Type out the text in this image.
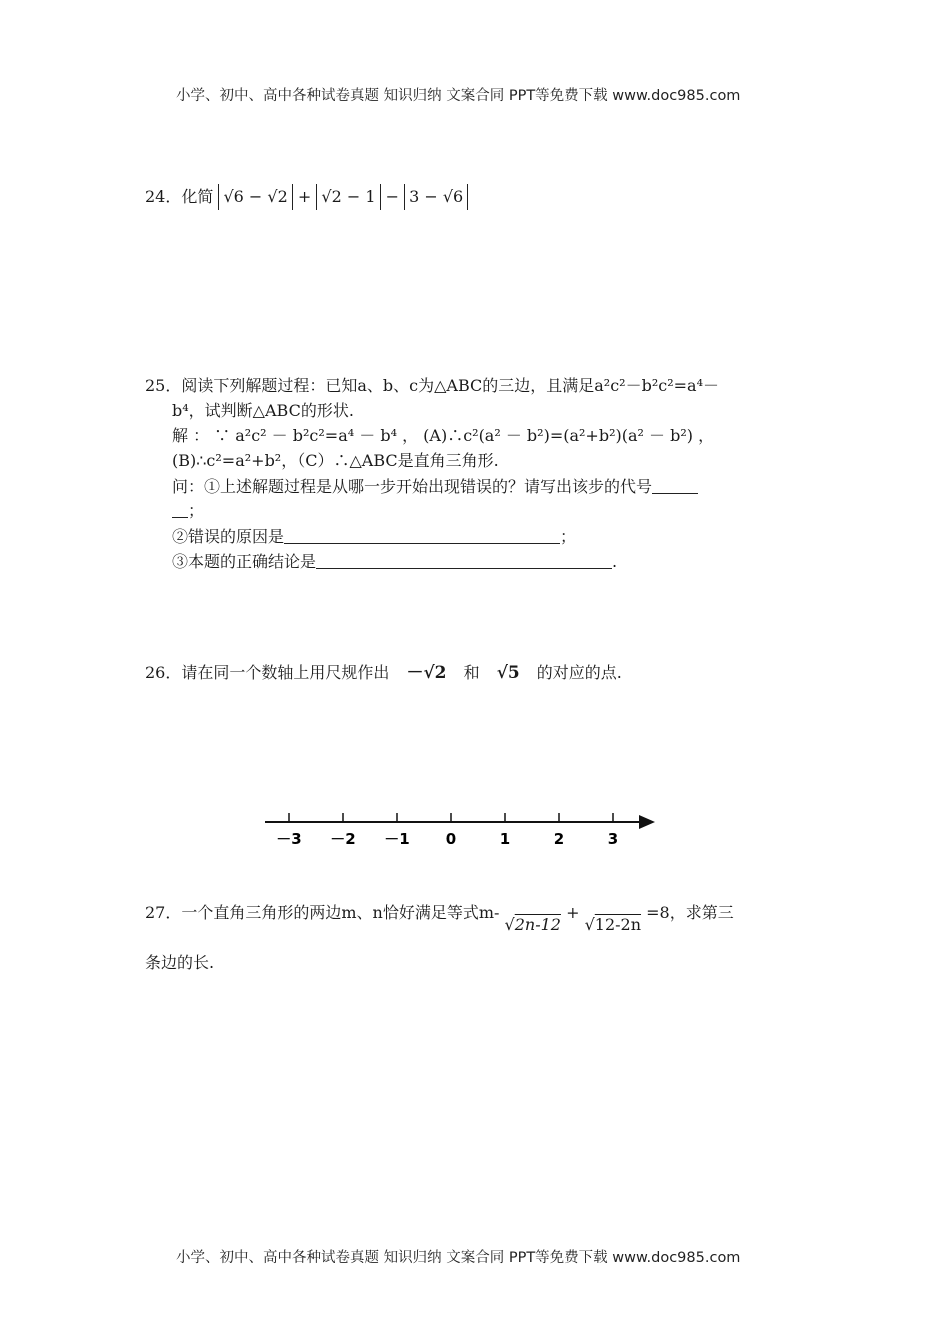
小学、初中、高中各种试卷真题 知识归纳 文案合同 PPT等免费下载 www.doc985.com
24．化简 √6 − √2 + √2 − 1 − 3 − √6
25．阅读下列解题过程：已知a、b、c为△ABC的三边，且满足a²c²－b²c²=a⁴－
b⁴，试判断△ABC的形状.
解 ： ∵ a²c² － b²c²=a⁴ － b⁴ ， (A)∴c²(a² － b²)=(a²+b²)(a² － b²) ，
(B)∴c²=a²+b²，（C）∴△ABC是直角三角形.
问：①上述解题过程是从哪一步开始出现错误的？请写出该步的代号
；
②错误的原因是	；
③本题的正确结论是	.
26．请在同一个数轴上用尺规作出 －√2 和 √5 的对应的点.
－3 －2 －1 0	1	2	3
27．一个直角三角形的两边m、n恰好满足等式m- √2n-12 + √12-2n =8，求第三
条边的长.
小学、初中、高中各种试卷真题 知识归纳 文案合同 PPT等免费下载 www.doc985.com
